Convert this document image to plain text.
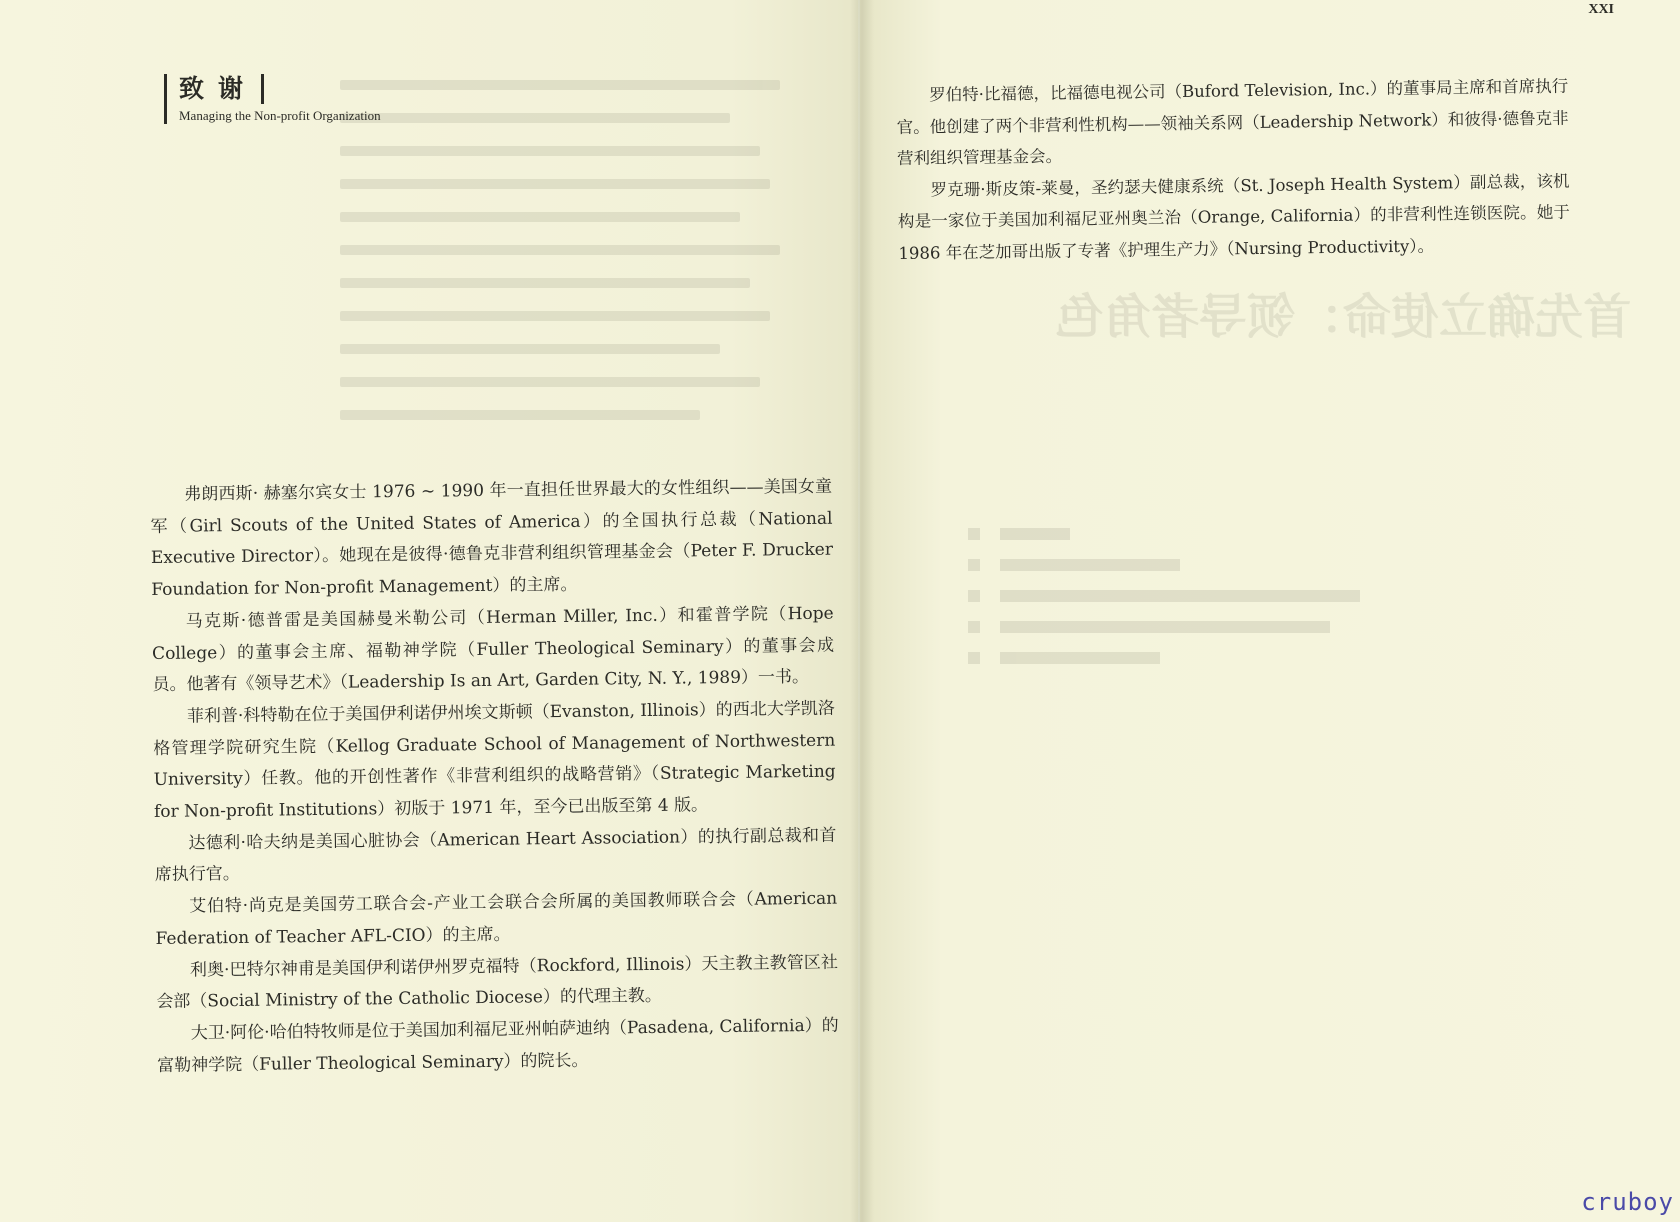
首先确立使命：领导者角色
致谢
Managing the Non-profit Organization

弗朗西斯· 赫塞尔宾女士 1976 ~ 1990 年一直担任世界最大的女性组织——美国女童军（Girl Scouts of the United States of America）的全国执行总裁（National Executive Director）。她现在是彼得·德鲁克非营利组织管理基金会（Peter F. Drucker Foundation for Non-profit Management）的主席。

马克斯·德普雷是美国赫曼米勒公司（Herman Miller, Inc.）和霍普学院（Hope College）的董事会主席、福勒神学院（Fuller Theological Seminary）的董事会成员。他著有《领导艺术》（Leadership Is an Art, Garden City, N. Y., 1989）一书。

菲利普·科特勒在位于美国伊利诺伊州埃文斯顿（Evanston, Illinois）的西北大学凯洛格管理学院研究生院（Kellog Graduate School of Management of Northwestern University）任教。他的开创性著作《非营利组织的战略营销》（Strategic Marketing for Non-profit Institutions）初版于 1971 年，至今已出版至第 4 版。

达德利·哈夫纳是美国心脏协会（American Heart Association）的执行副总裁和首席执行官。

艾伯特·尚克是美国劳工联合会-产业工会联合会所属的美国教师联合会（American Federation of Teacher AFL-CIO）的主席。

利奥·巴特尔神甫是美国伊利诺伊州罗克福特（Rockford, Illinois）天主教主教管区社会部（Social Ministry of the Catholic Diocese）的代理主教。

大卫·阿伦·哈伯特牧师是位于美国加利福尼亚州帕萨迪纳（Pasadena, California）的富勒神学院（Fuller Theological Seminary）的院长。

XXI

罗伯特·比福德，比福德电视公司（Buford Television, Inc.）的董事局主席和首席执行官。他创建了两个非营利性机构——领袖关系网（Leadership Network）和彼得·德鲁克非营利组织管理基金会。

罗克珊·斯皮策-莱曼，圣约瑟夫健康系统（St. Joseph Health System）副总裁，该机构是一家位于美国加利福尼亚州奥兰治（Orange, California）的非营利性连锁医院。她于 1986 年在芝加哥出版了专著《护理生产力》（Nursing Productivity）。

cruboy
